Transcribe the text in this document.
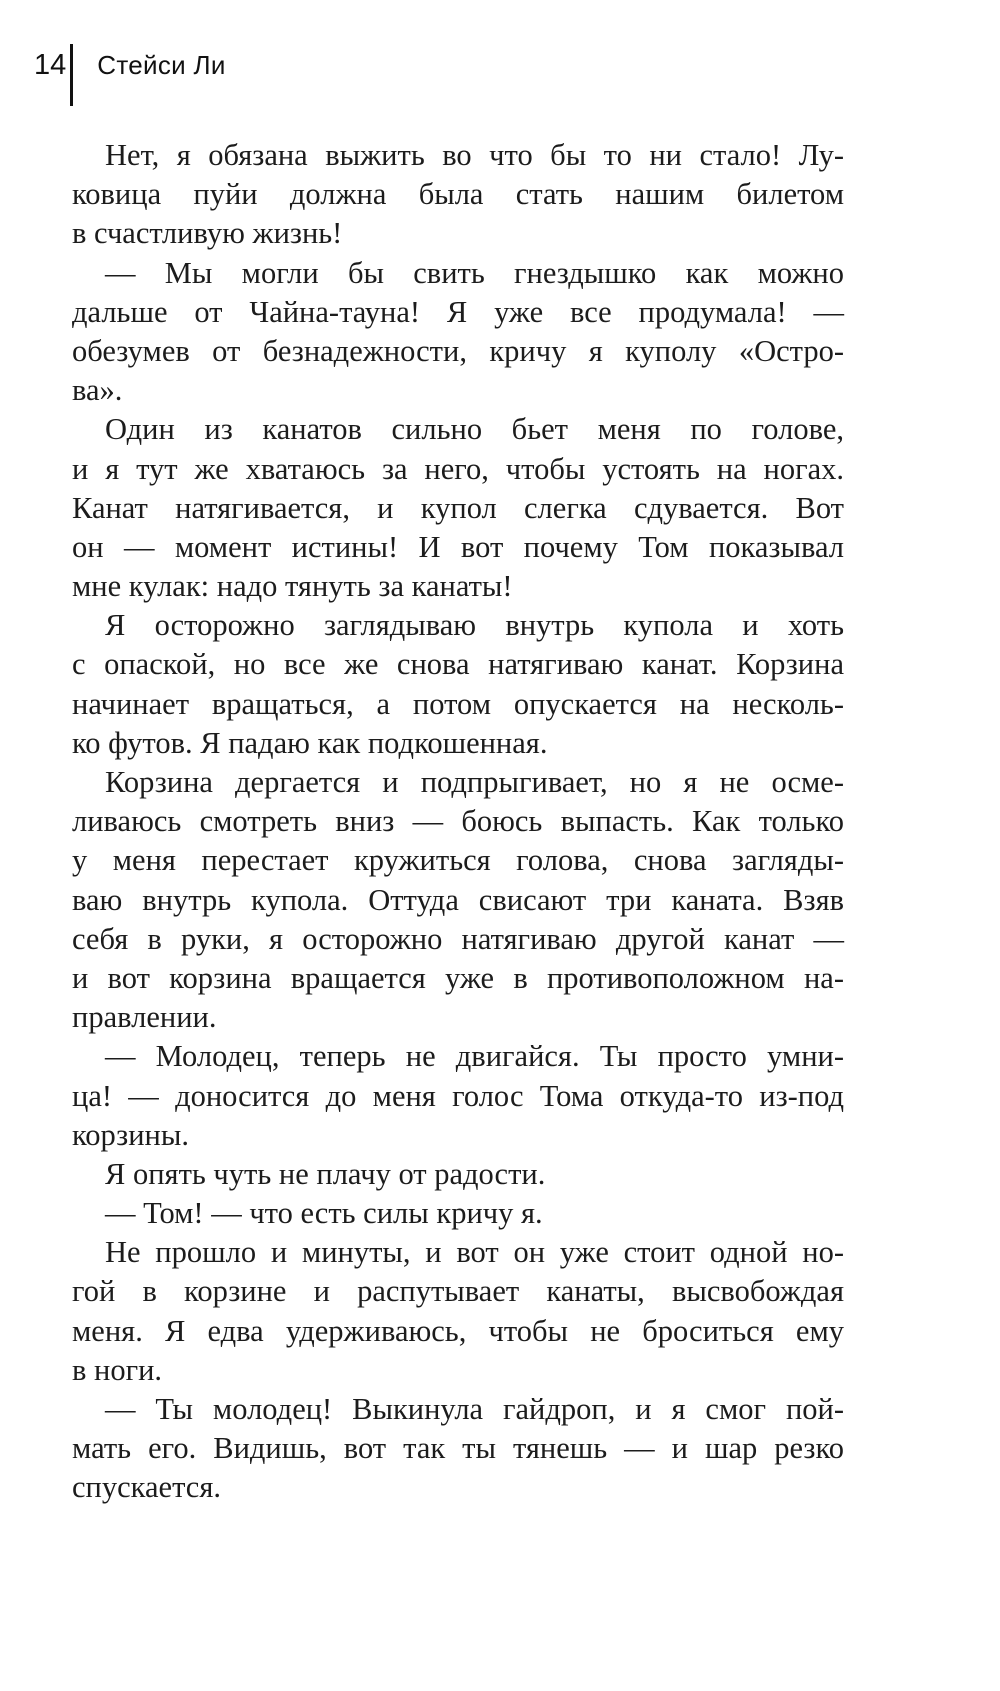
14 Стейси Ли
Нет, я обязана выжить во что бы то ни стало! Лу-
ковица пуйи должна была стать нашим билетом
в счастливую жизнь!
— Мы могли бы свить гнездышко как можно
дальше от Чайна-тауна! Я уже все продумала! —
обезумев от безнадежности, кричу я куполу «Остро-
ва».
Один из канатов сильно бьет меня по голове,
и я тут же хватаюсь за него, чтобы устоять на ногах.
Канат натягивается, и купол слегка сдувается. Вот
он — момент истины! И вот почему Том показывал
мне кулак: надо тянуть за канаты!
Я осторожно заглядываю внутрь купола и хоть
с опаской, но все же снова натягиваю канат. Корзина
начинает вращаться, а потом опускается на несколь-
ко футов. Я падаю как подкошенная.
Корзина дергается и подпрыгивает, но я не осме-
ливаюсь смотреть вниз — боюсь выпасть. Как только
у меня перестает кружиться голова, снова загляды-
ваю внутрь купола. Оттуда свисают три каната. Взяв
себя в руки, я осторожно натягиваю другой канат —
и вот корзина вращается уже в противоположном на-
правлении.
— Молодец, теперь не двигайся. Ты просто умни-
ца! — доносится до меня голос Тома откуда-то из-под
корзины.
Я опять чуть не плачу от радости.
— Том! — что есть силы кричу я.
Не прошло и минуты, и вот он уже стоит одной но-
гой в корзине и распутывает канаты, высвобождая
меня. Я едва удерживаюсь, чтобы не броситься ему
в ноги.
— Ты молодец! Выкинула гайдроп, и я смог пой-
мать его. Видишь, вот так ты тянешь — и шар резко
спускается.
